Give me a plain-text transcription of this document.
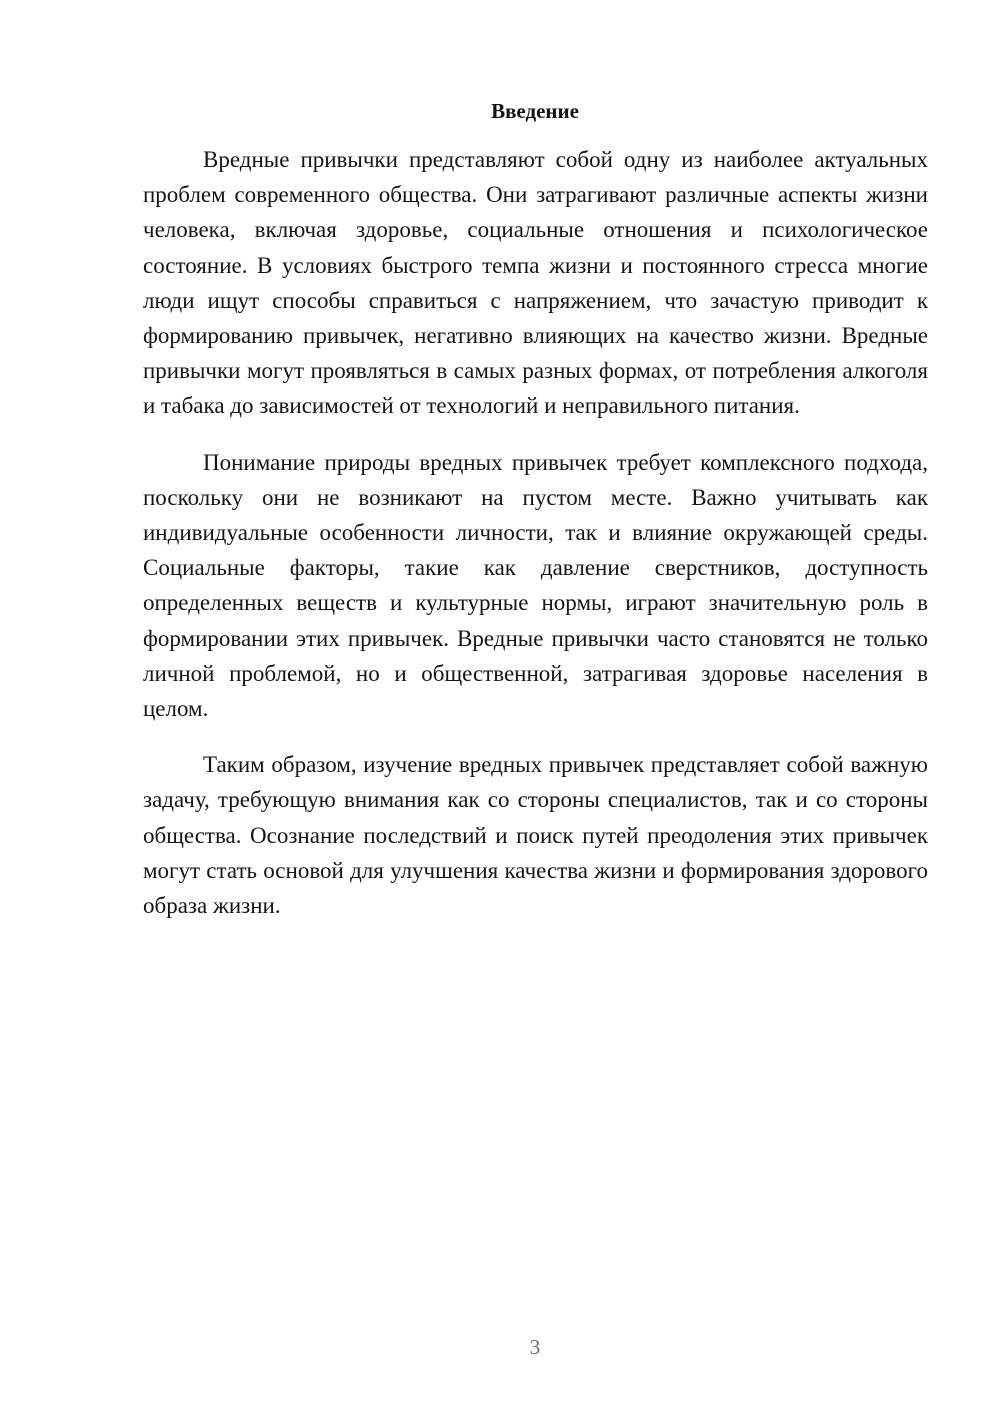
Введение

Вредные привычки представляют собой одну из наиболее актуальных проблем современного общества. Они затрагивают различные аспекты жизни человека, включая здоровье, социальные отношения и психологическое состояние. В условиях быстрого темпа жизни и постоянного стресса многие люди ищут способы справиться с напряжением, что зачастую приводит к формированию привычек, негативно влияющих на качество жизни. Вредные привычки могут проявляться в самых разных формах, от потребления алкоголя и табака до зависимостей от технологий и неправильного питания.

Понимание природы вредных привычек требует комплексного подхода, поскольку они не возникают на пустом месте. Важно учитывать как индивидуальные особенности личности, так и влияние окружающей среды. Социальные факторы, такие как давление сверстников, доступность определенных веществ и культурные нормы, играют значительную роль в формировании этих привычек. Вредные привычки часто становятся не только личной проблемой, но и общественной, затрагивая здоровье населения в целом.

Таким образом, изучение вредных привычек представляет собой важную задачу, требующую внимания как со стороны специалистов, так и со стороны общества. Осознание последствий и поиск путей преодоления этих привычек могут стать основой для улучшения качества жизни и формирования здорового образа жизни.

3
